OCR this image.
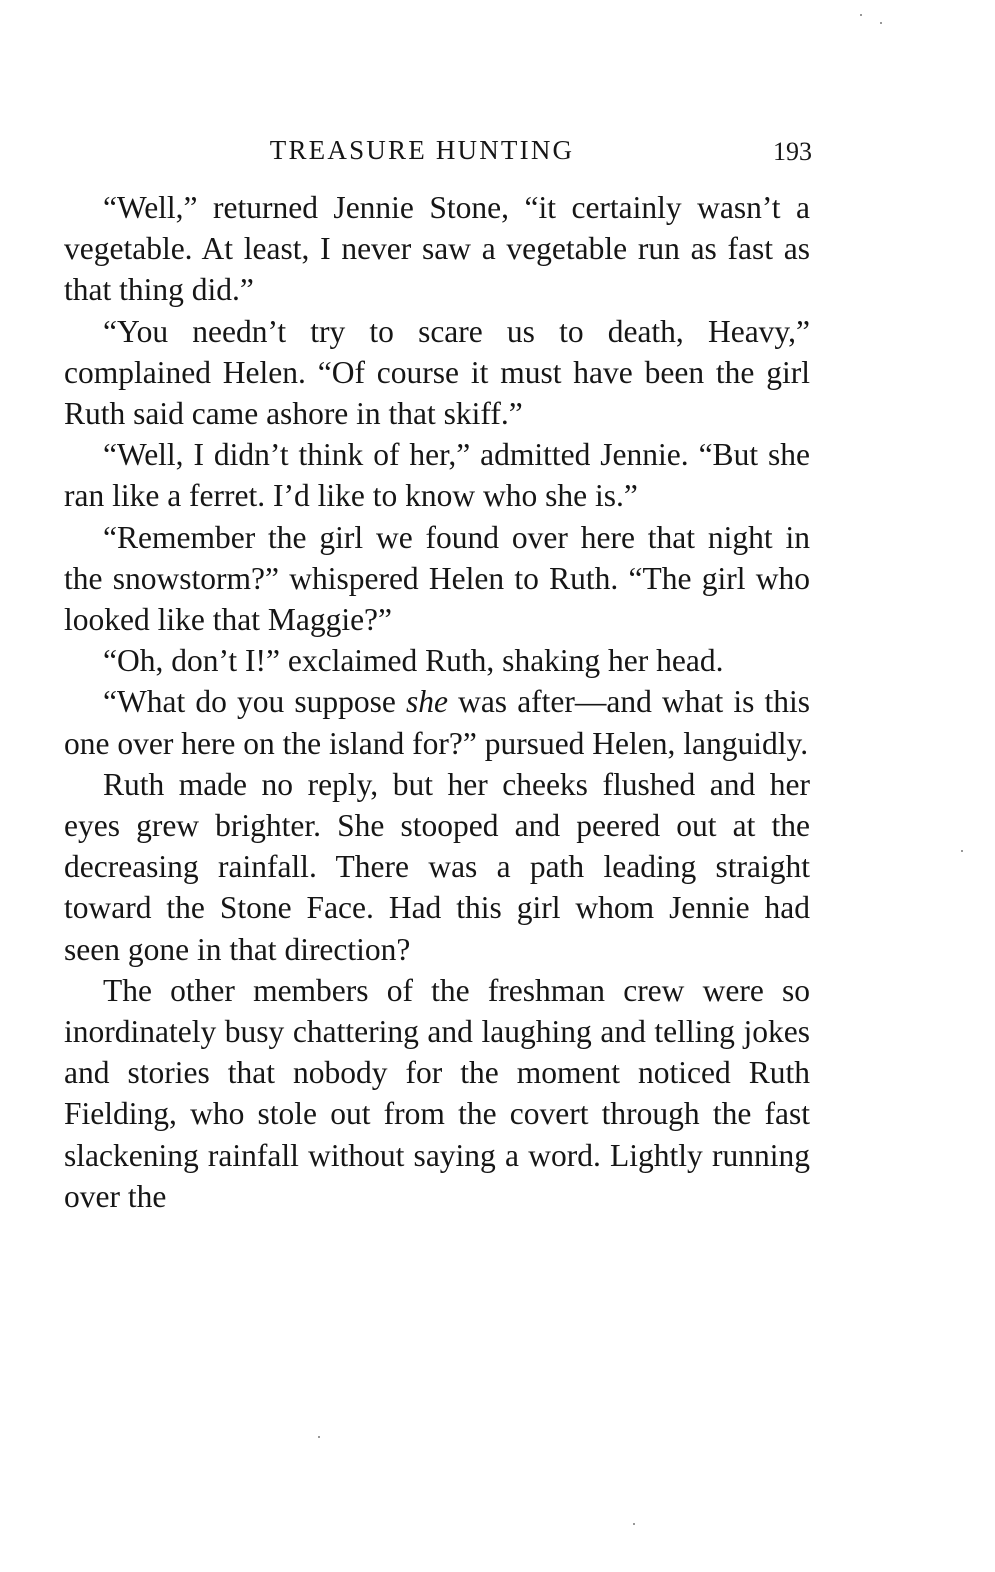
TREASURE HUNTING	193

“Well,” returned Jennie Stone, “it certainly wasn’t a vegetable. At least, I never saw a vegetable run as fast as that thing did.”

“You needn’t try to scare us to death, Heavy,” complained Helen. “Of course it must have been the girl Ruth said came ashore in that skiff.”

“Well, I didn’t think of her,” admitted Jennie. “But she ran like a ferret. I’d like to know who she is.”

“Remember the girl we found over here that night in the snowstorm?” whispered Helen to Ruth. “The girl who looked like that Maggie?”

“Oh, don’t I!” exclaimed Ruth, shaking her head.

“What do you suppose she was after—and what is this one over here on the island for?” pursued Helen, languidly.

Ruth made no reply, but her cheeks flushed and her eyes grew brighter. She stooped and peered out at the decreasing rainfall. There was a path leading straight toward the Stone Face. Had this girl whom Jennie had seen gone in that direction?

The other members of the freshman crew were so inordinately busy chattering and laughing and telling jokes and stories that nobody for the moment noticed Ruth Fielding, who stole out from the covert through the fast slackening rainfall without saying a word. Lightly running over the
